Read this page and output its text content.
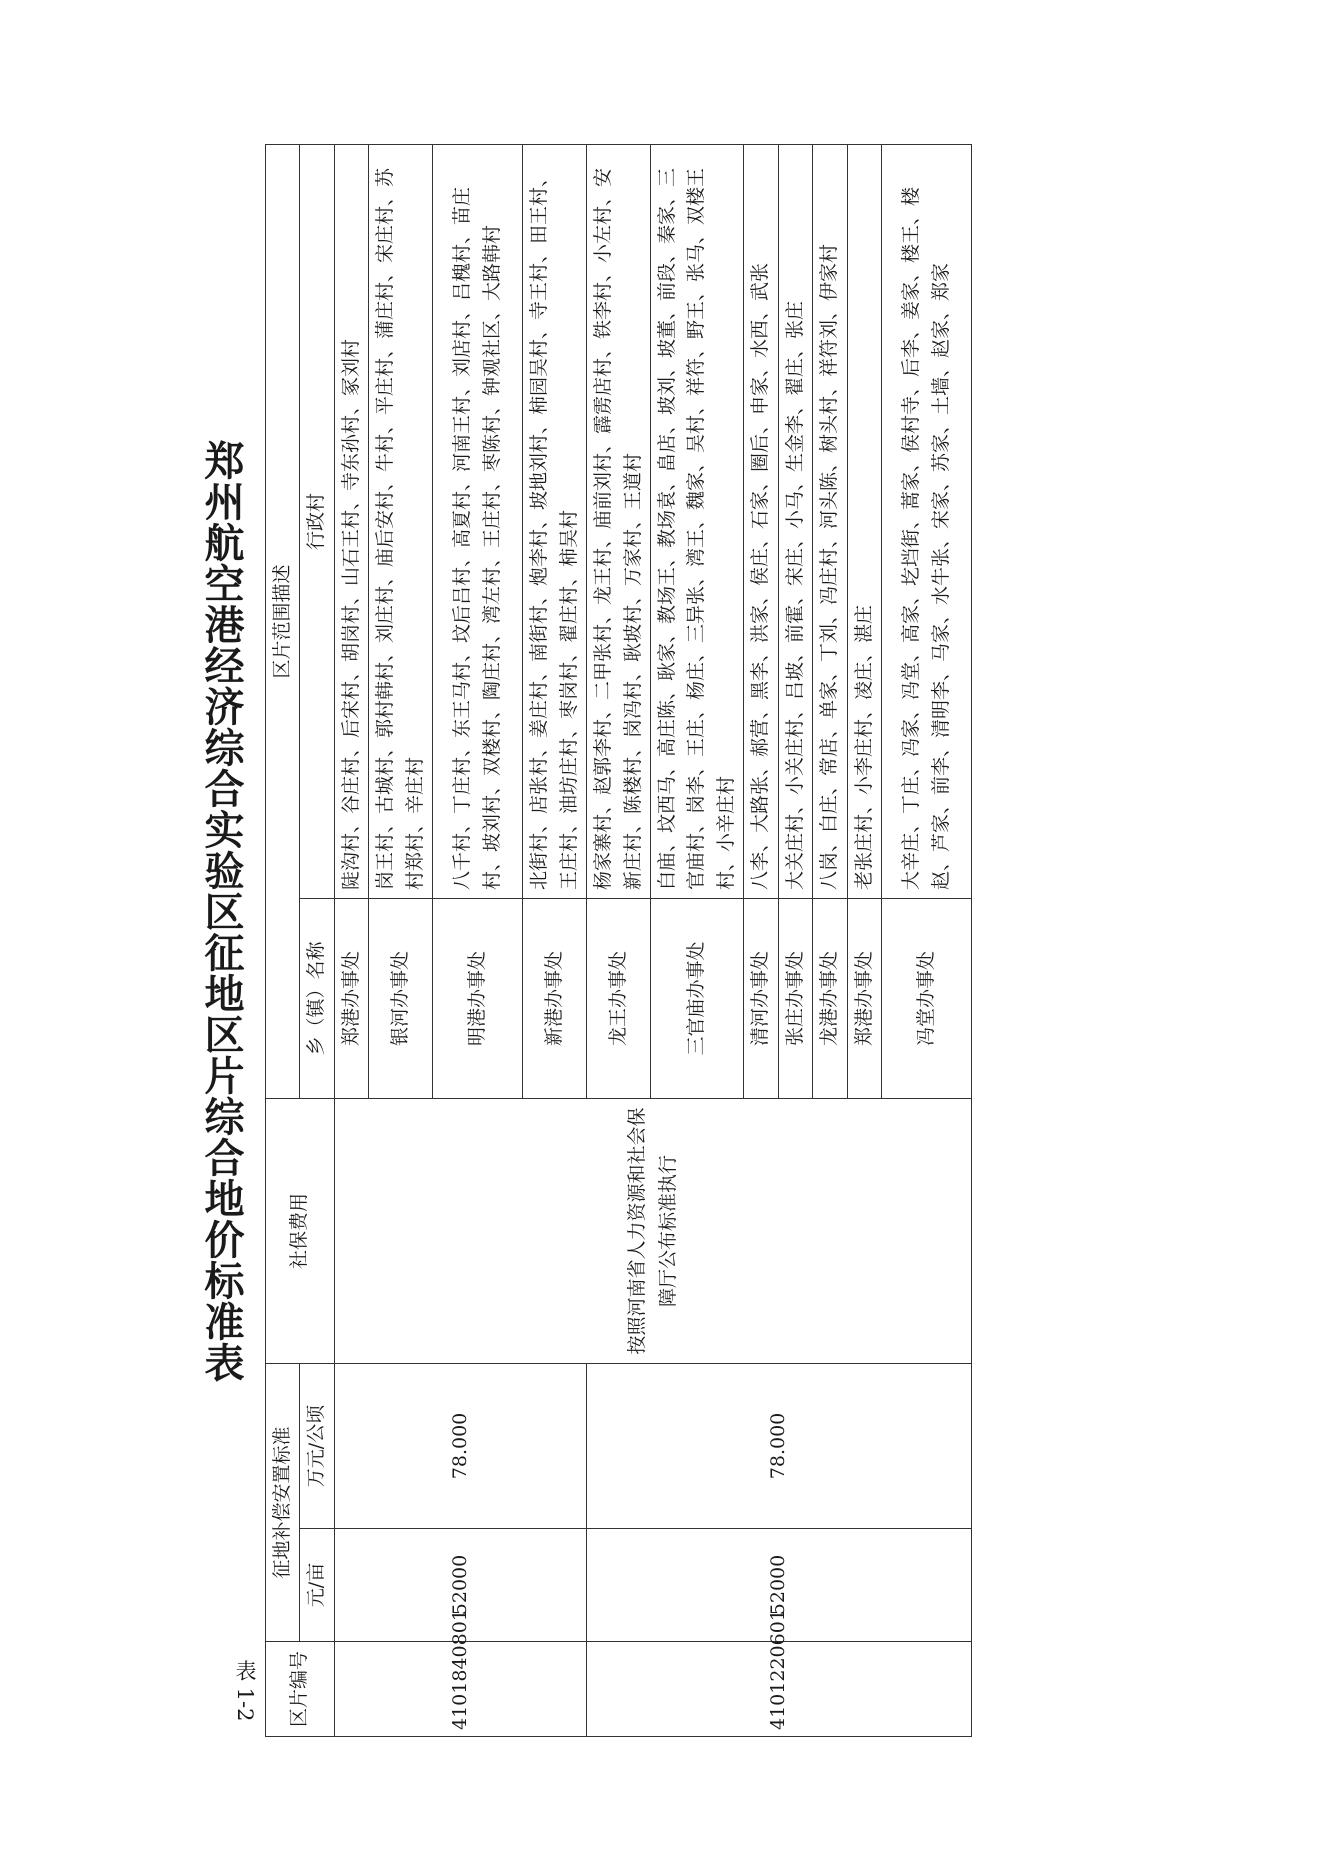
郑州航空港经济综合实验区征地区片综合地价标准表
表 1-2 区片编号	征地补偿安置标准		社保费用	区片范围描述	
	元/亩	万元/公顷		乡（镇）名称	行政村
4101840801	52000	78.000	按照河南省人力资源和社会保障厅公布标准执行	郑港办事处	陡沟村、谷庄村、后宋村、胡岗村、山石王村、寺东孙村、冢刘村
				银河办事处	岗王村、古城村、郭村韩村、刘庄村、庙后安村、牛村、平庄村、蒲庄村、宋庄村、苏村郑村、辛庄村
				明港办事处	八千村、丁庄村、东王马村、坟后吕村、高夏村、河南王村、刘店村、吕槐村、苗庄村、坡刘村、双楼村、陶庄村、湾左村、王庄村、枣陈村、钟观社区、大路韩村
				新港办事处	北街村、店张村、姜庄村、南街村、炮李村、坡地刘村、柿园吴村、寺王村、田王村、王庄村、油坊庄村、枣岗村、翟庄村、柿吴村
4101220601	52000	78.000		龙王办事处	杨家寨村、赵郭李村、二甲张村、龙王村、庙前刘村、霹雳店村、铁李村、小左村、安新庄村、陈楼村、岗冯村、耿坡村、万家村、王道村
				三官庙办事处	白庙、坟西马、高庄陈、耿家、教场王、教场袁、畠店、坡刘、坡董、前段、秦家、三官庙村、岗李、王庄、杨庄、三异张、湾王、魏家、吴村、祥符、野王、张马、双楼王村、小辛庄村
				清河办事处	八李、大路张、郝营、黑李、洪家、侯庄、石家、圈后、申家、水西、武张
				张庄办事处	大关庄村、小关庄村、吕坡、前霍、宋庄、小马、生金李、翟庄、张庄
				龙港办事处	八岗、白庄、常店、单家、丁刘、冯庄村、河头陈、树头村、祥符刘、伊家村
				郑港办事处	老张庄村、小李庄村、凌庄、湛庄
				冯堂办事处	大辛庄、丁庄、冯家、冯堂、高家、圪垱街、蒿家、侯村寺、后李、姜家、楼王、楼赵、芦家、前李、清明李、马家、水牛张、宋家、苏家、土墙、赵家、郑家
